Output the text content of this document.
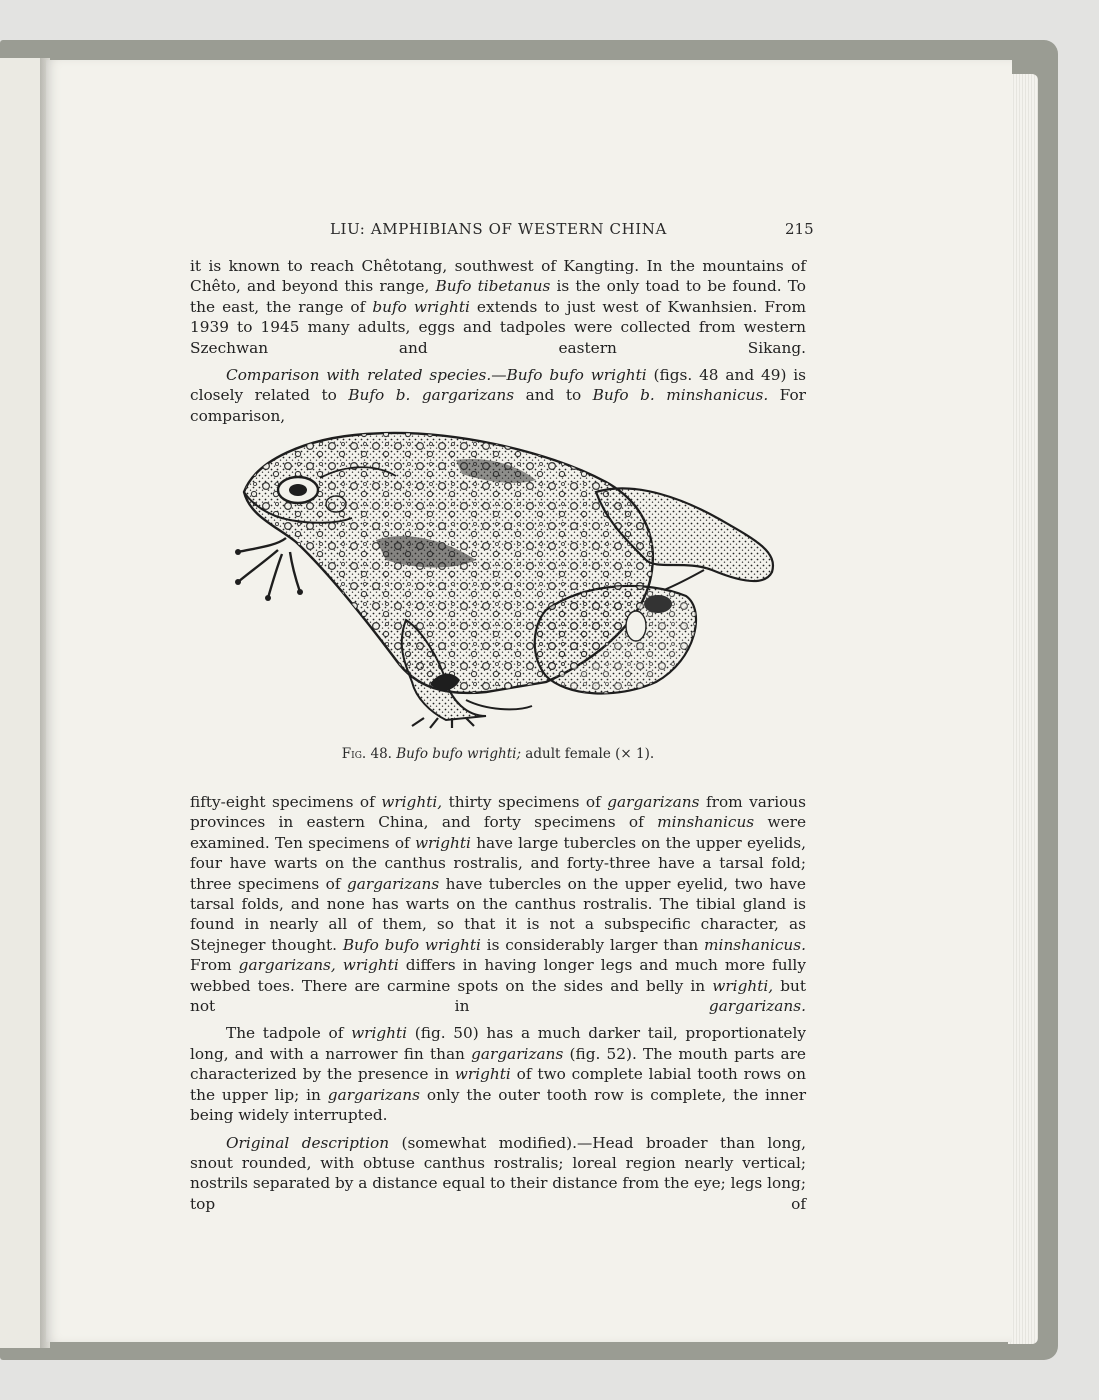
LIU: AMPHIBIANS OF WESTERN CHINA	215

it is known to reach Chêtotang, southwest of Kangting. In the mountains of Chêto, and beyond this range, Bufo tibetanus is the only toad to be found. To the east, the range of bufo wrighti extends to just west of Kwanhsien. From 1939 to 1945 many adults, eggs and tadpoles were collected from western Szechwan and eastern Sikang.

Comparison with related species.—Bufo bufo wrighti (figs. 48 and 49) is closely related to Bufo b. gargarizans and to Bufo b. minshanicus. For comparison,

Fig. 48. Bufo bufo wrighti; adult female (× 1).

fifty-eight specimens of wrighti, thirty specimens of gargarizans from various provinces in eastern China, and forty specimens of minshanicus were examined. Ten specimens of wrighti have large tubercles on the upper eyelids, four have warts on the canthus rostralis, and forty-three have a tarsal fold; three specimens of gargarizans have tubercles on the upper eyelid, two have tarsal folds, and none has warts on the canthus rostralis. The tibial gland is found in nearly all of them, so that it is not a subspecific character, as Stejneger thought. Bufo bufo wrighti is considerably larger than minshanicus. From gargarizans, wrighti differs in having longer legs and much more fully webbed toes. There are carmine spots on the sides and belly in wrighti, but not in gargarizans.

The tadpole of wrighti (fig. 50) has a much darker tail, proportionately long, and with a narrower fin than gargarizans (fig. 52). The mouth parts are characterized by the presence in wrighti of two complete labial tooth rows on the upper lip; in gargarizans only the outer tooth row is complete, the inner being widely interrupted.

Original description (somewhat modified).—Head broader than long, snout rounded, with obtuse canthus rostralis; loreal region nearly vertical; nostrils separated by a distance equal to their distance from the eye; legs long; top of
